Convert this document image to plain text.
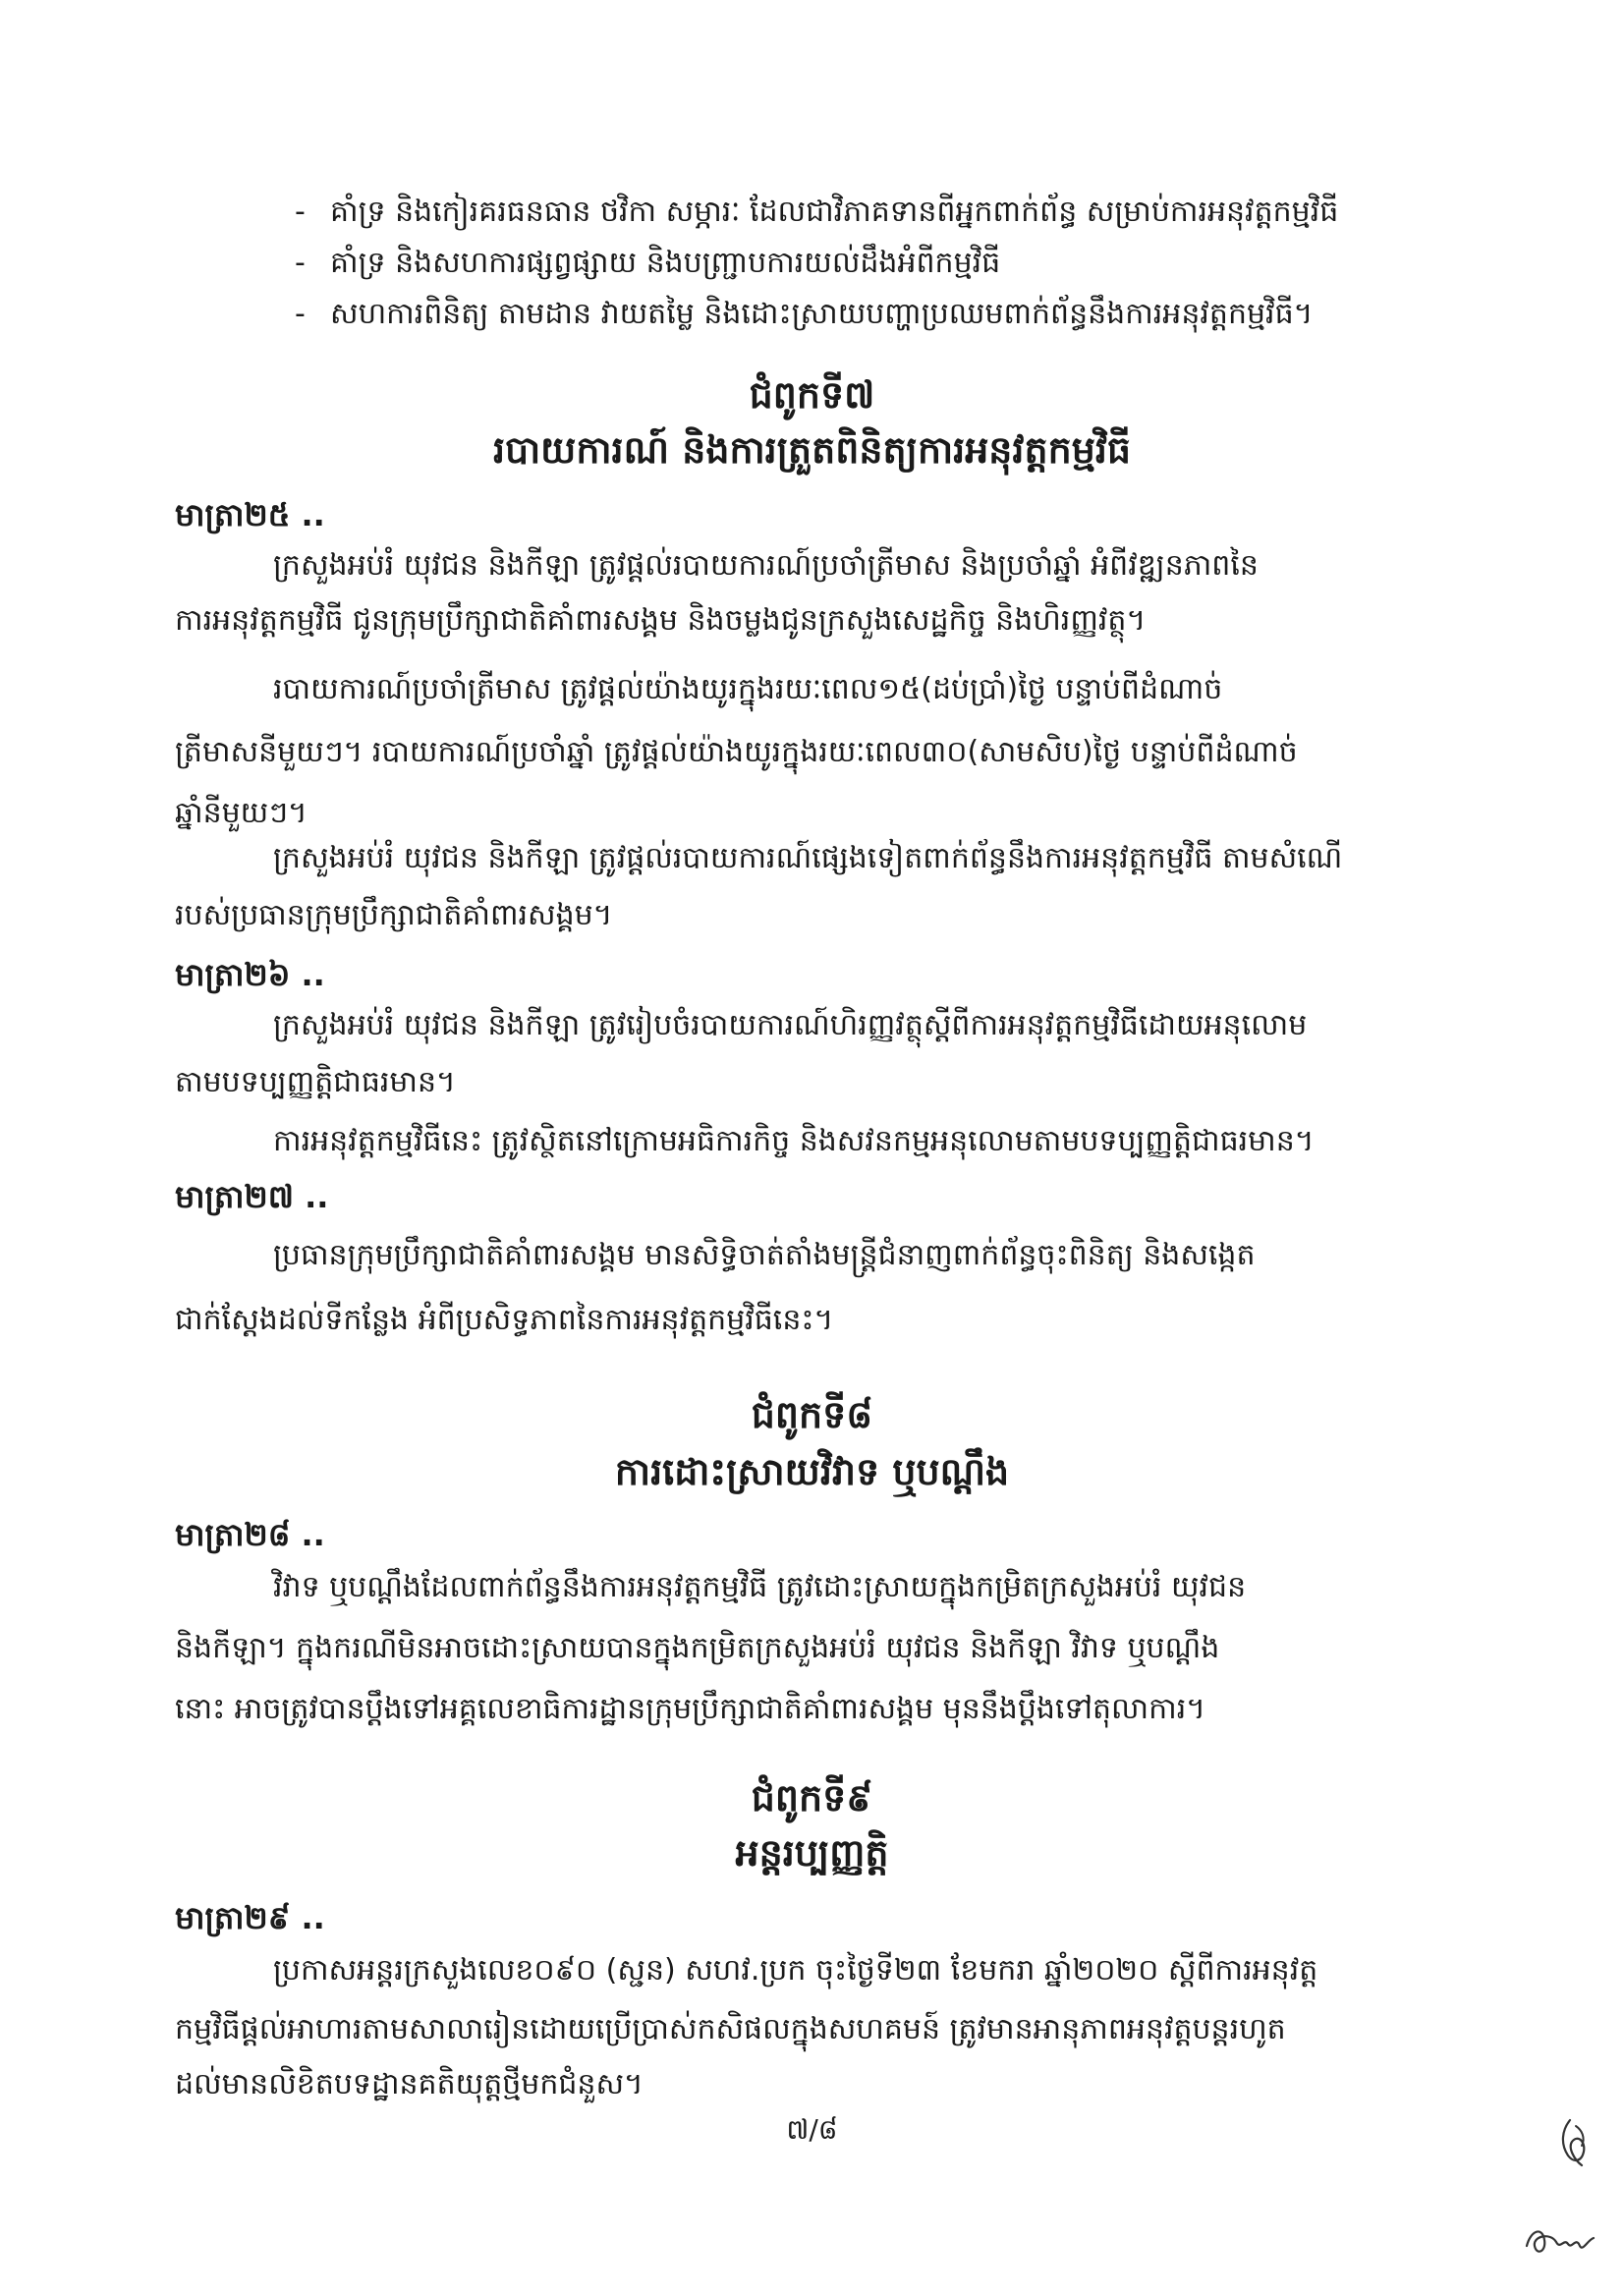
- គាំទ្រ និងកៀរគរធនធាន ថវិកា សម្ភារៈ ដែលជាវិភាគទានពីអ្នកពាក់ព័ន្ធ សម្រាប់ការអនុវត្តកម្មវិធី
- គាំទ្រ និងសហការផ្សព្វផ្សាយ និងបញ្ជ្រាបការយល់ដឹងអំពីកម្មវិធី
- សហការពិនិត្យ តាមដាន វាយតម្លៃ និងដោះស្រាយបញ្ហាប្រឈមពាក់ព័ន្ធនឹងការអនុវត្តកម្មវិធី។
ជំពូកទី៧
របាយការណ៍ និងការត្រួតពិនិត្យការអនុវត្តកម្មវិធី
មាត្រា២៥ ..
ក្រសួងអប់រំ យុវជន និងកីឡា ត្រូវផ្តល់របាយការណ៍ប្រចាំត្រីមាស និងប្រចាំឆ្នាំ អំពីវឌ្ឍនភាពនៃ
ការអនុវត្តកម្មវិធី ជូនក្រុមប្រឹក្សាជាតិគាំពារសង្គម និងចម្លងជូនក្រសួងសេដ្ឋកិច្ច និងហិរញ្ញវត្ថុ។
របាយការណ៍ប្រចាំត្រីមាស ត្រូវផ្តល់យ៉ាងយូរក្នុងរយៈពេល១៥(ដប់ប្រាំ)ថ្ងៃ បន្ទាប់ពីដំណាច់
ត្រីមាសនីមួយៗ។ របាយការណ៍ប្រចាំឆ្នាំ ត្រូវផ្តល់យ៉ាងយូរក្នុងរយៈពេល៣០(សាមសិប)ថ្ងៃ បន្ទាប់ពីដំណាច់
ឆ្នាំនីមួយៗ។
ក្រសួងអប់រំ យុវជន និងកីឡា ត្រូវផ្តល់របាយការណ៍ផ្សេងទៀតពាក់ព័ន្ធនឹងការអនុវត្តកម្មវិធី តាមសំណើ
របស់ប្រធានក្រុមប្រឹក្សាជាតិគាំពារសង្គម។
មាត្រា២៦ ..
ក្រសួងអប់រំ យុវជន និងកីឡា ត្រូវរៀបចំរបាយការណ៍ហិរញ្ញវត្ថុស្តីពីការអនុវត្តកម្មវិធីដោយអនុលោម
តាមបទប្បញ្ញត្តិជាធរមាន។
ការអនុវត្តកម្មវិធីនេះ ត្រូវស្ថិតនៅក្រោមអធិការកិច្ច និងសវនកម្មអនុលោមតាមបទប្បញ្ញត្តិជាធរមាន។
មាត្រា២៧ ..
ប្រធានក្រុមប្រឹក្សាជាតិគាំពារសង្គម មានសិទ្ធិចាត់តាំងមន្ត្រីជំនាញពាក់ព័ន្ធចុះពិនិត្យ និងសង្កេត
ជាក់ស្តែងដល់ទីកន្លែង អំពីប្រសិទ្ធភាពនៃការអនុវត្តកម្មវិធីនេះ។
ជំពូកទី៨
ការដោះស្រាយវិវាទ ឬបណ្តឹង
មាត្រា២៨ ..
វិវាទ ឬបណ្តឹងដែលពាក់ព័ន្ធនឹងការអនុវត្តកម្មវិធី ត្រូវដោះស្រាយក្នុងកម្រិតក្រសួងអប់រំ យុវជន
និងកីឡា។ ក្នុងករណីមិនអាចដោះស្រាយបានក្នុងកម្រិតក្រសួងអប់រំ យុវជន និងកីឡា វិវាទ ឬបណ្តឹង
នោះ អាចត្រូវបានប្តឹងទៅអគ្គលេខាធិការដ្ឋានក្រុមប្រឹក្សាជាតិគាំពារសង្គម មុននឹងប្តឹងទៅតុលាការ។
ជំពូកទី៩
អន្តរប្បញ្ញត្តិ
មាត្រា២៩ ..
ប្រកាសអន្តរក្រសួងលេខ០៩០ (ស្ជន) សហវ.ប្រក ចុះថ្ងៃទី២៣ ខែមករា ឆ្នាំ២០២០ ស្តីពីការអនុវត្ត
កម្មវិធីផ្តល់អាហារតាមសាលារៀនដោយប្រើប្រាស់កសិផលក្នុងសហគមន៍ ត្រូវមានអានុភាពអនុវត្តបន្តរហូត
ដល់មានលិខិតបទដ្ឋានគតិយុត្តថ្មីមកជំនួស។
៧/៨
